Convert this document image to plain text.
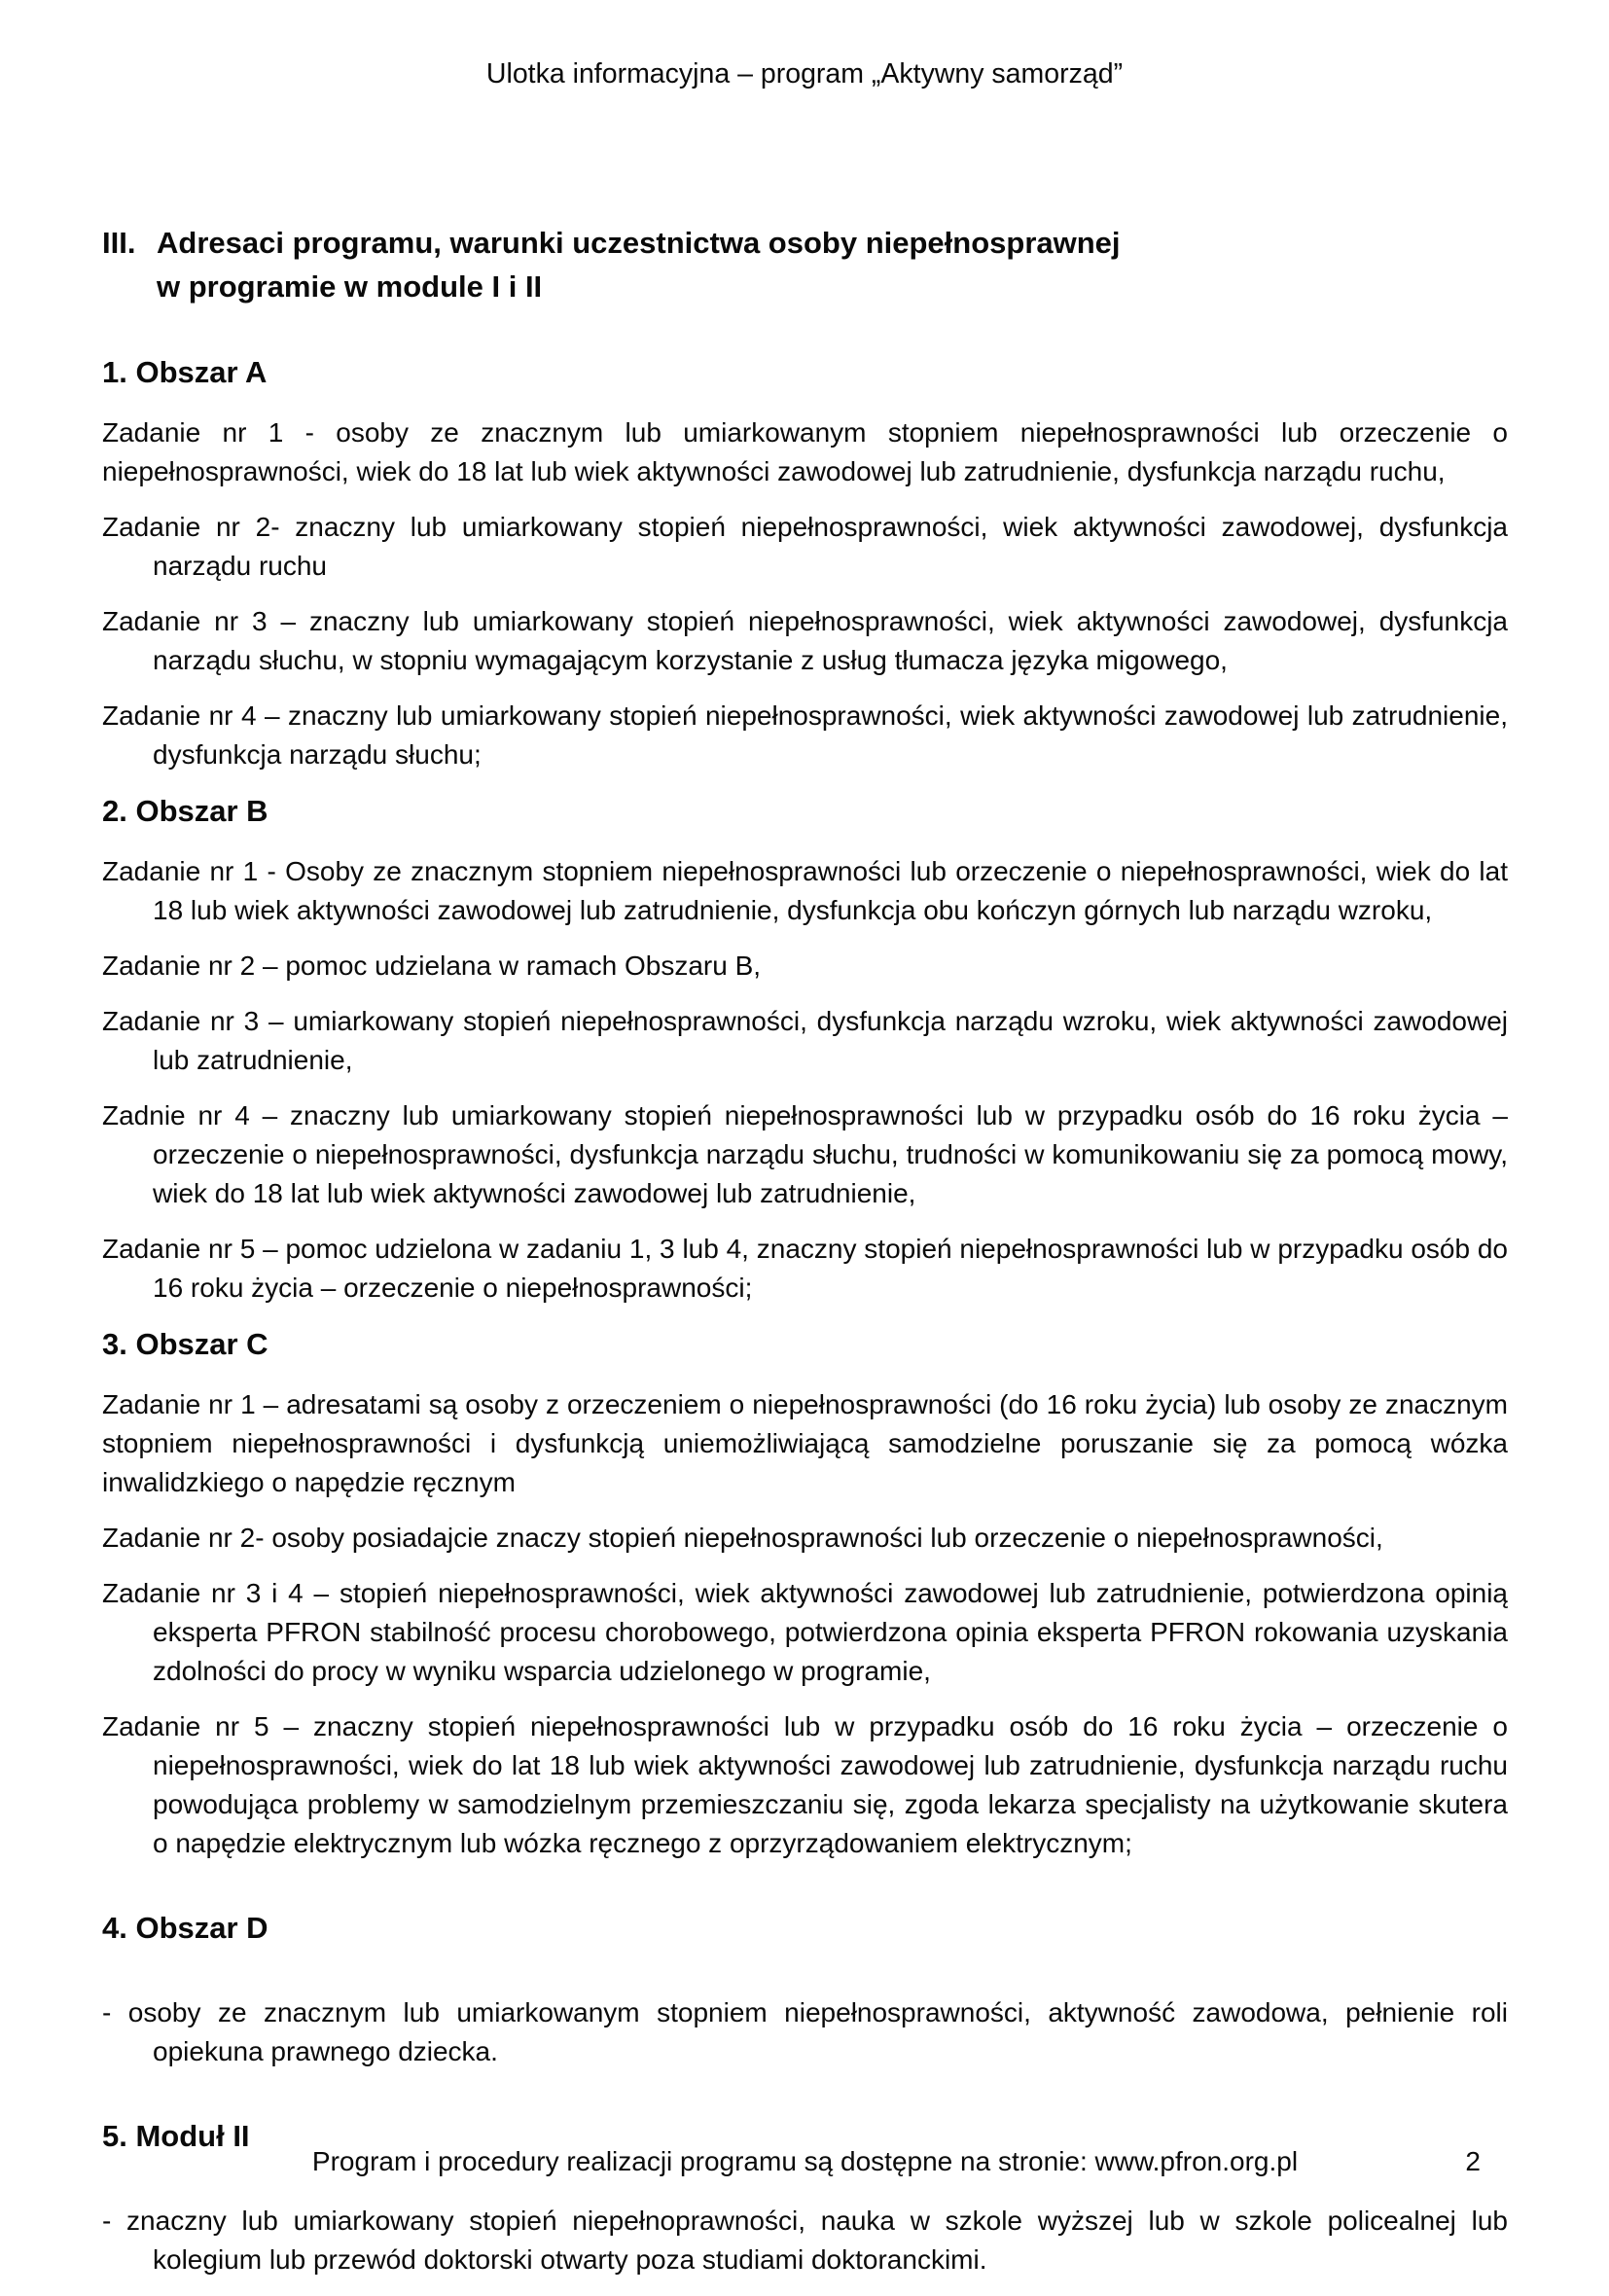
Ulotka informacyjna – program „Aktywny samorząd”
III. Adresaci programu, warunki uczestnictwa osoby niepełnosprawnej
w programie w module I i II
1. Obszar A

Zadanie nr 1 - osoby ze znacznym lub umiarkowanym stopniem niepełnosprawności lub orzeczenie o niepełnosprawności, wiek do 18 lat lub wiek aktywności zawodowej lub zatrudnienie, dysfunkcja narządu ruchu,

Zadanie nr 2- znaczny lub umiarkowany stopień niepełnosprawności, wiek aktywności zawodowej, dysfunkcja narządu ruchu

Zadanie nr 3 – znaczny lub umiarkowany stopień niepełnosprawności, wiek aktywności zawodowej, dysfunkcja narządu słuchu, w stopniu wymagającym korzystanie z usług tłumacza języka migowego,

Zadanie nr 4 – znaczny lub umiarkowany stopień niepełnosprawności, wiek aktywności zawodowej lub zatrudnienie, dysfunkcja narządu słuchu;

2. Obszar B

Zadanie nr 1 - Osoby ze znacznym stopniem niepełnosprawności lub orzeczenie o niepełnosprawności, wiek do lat 18 lub wiek aktywności zawodowej lub zatrudnienie, dysfunkcja obu kończyn górnych lub narządu wzroku,

Zadanie nr 2 – pomoc udzielana w ramach Obszaru B,

Zadanie nr 3 – umiarkowany stopień niepełnosprawności, dysfunkcja narządu wzroku, wiek aktywności zawodowej lub zatrudnienie,

Zadnie nr 4 – znaczny lub umiarkowany stopień niepełnosprawności lub w przypadku osób do 16 roku życia – orzeczenie o niepełnosprawności, dysfunkcja narządu słuchu, trudności w komunikowaniu się za pomocą mowy, wiek do 18 lat lub wiek aktywności zawodowej lub zatrudnienie,

Zadanie nr 5 – pomoc udzielona w zadaniu 1, 3 lub 4, znaczny stopień niepełnosprawności lub w przypadku osób do 16 roku życia – orzeczenie o niepełnosprawności;

3. Obszar C

Zadanie nr 1 – adresatami są osoby z orzeczeniem o niepełnosprawności (do 16 roku życia) lub osoby ze znacznym stopniem niepełnosprawności i dysfunkcją uniemożliwiającą samodzielne poruszanie się za pomocą wózka inwalidzkiego o napędzie ręcznym

Zadanie nr 2- osoby posiadajcie znaczy stopień niepełnosprawności lub orzeczenie o niepełnosprawności,

Zadanie nr 3 i 4 – stopień niepełnosprawności, wiek aktywności zawodowej lub zatrudnienie, potwierdzona opinią eksperta PFRON stabilność procesu chorobowego, potwierdzona opinia eksperta PFRON rokowania uzyskania zdolności do procy w wyniku wsparcia udzielonego w programie,

Zadanie nr 5 – znaczny stopień niepełnosprawności lub w przypadku osób do 16 roku życia – orzeczenie o niepełnosprawności, wiek do lat 18 lub wiek aktywności zawodowej lub zatrudnienie, dysfunkcja narządu ruchu powodująca problemy w samodzielnym przemieszczaniu się, zgoda lekarza specjalisty na użytkowanie skutera o napędzie elektrycznym lub wózka ręcznego z oprzyrządowaniem elektrycznym;

4. Obszar D

- osoby ze znacznym lub umiarkowanym stopniem niepełnosprawności, aktywność zawodowa, pełnienie roli opiekuna prawnego dziecka.

5. Moduł II

- znaczny lub umiarkowany stopień niepełnoprawności, nauka w szkole wyższej lub w szkole policealnej lub kolegium lub przewód doktorski otwarty poza studiami doktoranckimi.

Program i procedury realizacji programu są dostępne na stronie: www.pfron.org.pl	2
